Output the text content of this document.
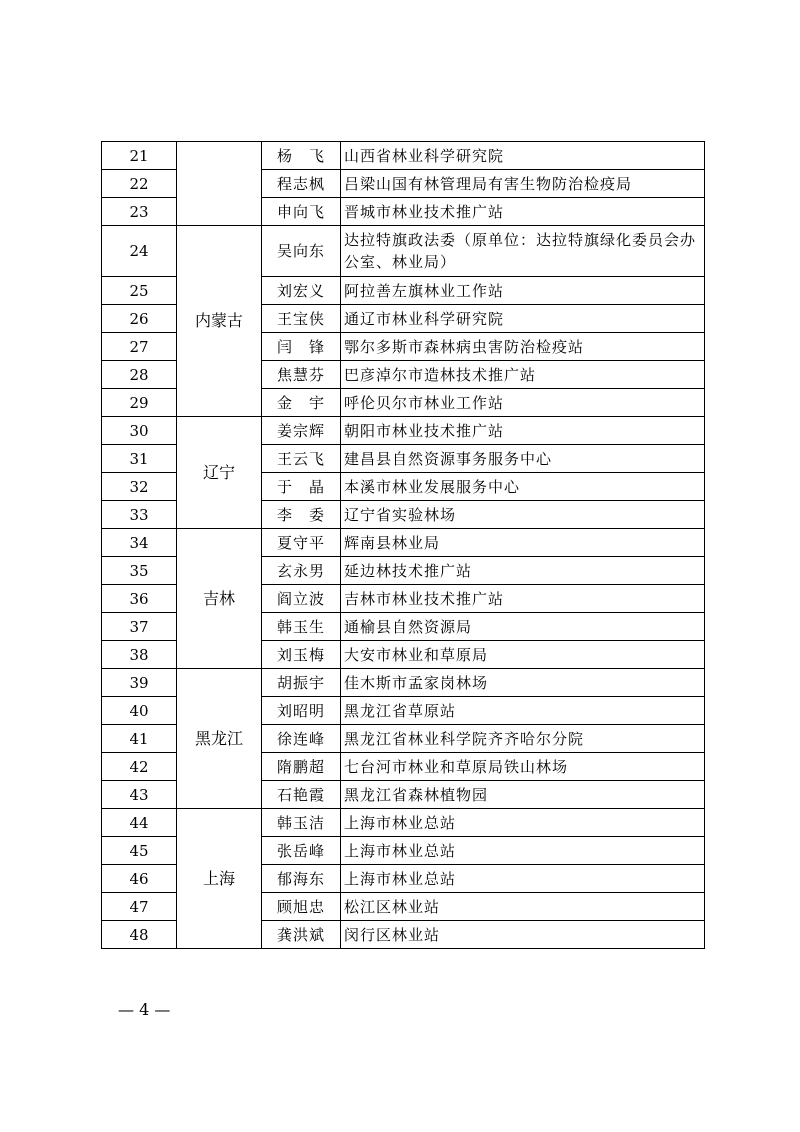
21		杨　飞	山西省林业科学研究院
22		程志枫	吕梁山国有林管理局有害生物防治检疫局
23		申向飞	晋城市林业技术推广站
24	内蒙古	吴向东	达拉特旗政法委（原单位：达拉特旗绿化委员会办公室、林业局）
25		刘宏义	阿拉善左旗林业工作站
26		王宝侠	通辽市林业科学研究院
27		闫　锋	鄂尔多斯市森林病虫害防治检疫站
28		焦慧芬	巴彦淖尔市造林技术推广站
29		金　宇	呼伦贝尔市林业工作站
30	辽宁	姜宗辉	朝阳市林业技术推广站
31		王云飞	建昌县自然资源事务服务中心
32		于　晶	本溪市林业发展服务中心
33		李　委	辽宁省实验林场
34	吉林	夏守平	辉南县林业局
35		玄永男	延边林技术推广站
36		阎立波	吉林市林业技术推广站
37		韩玉生	通榆县自然资源局
38		刘玉梅	大安市林业和草原局
39	黑龙江	胡振宇	佳木斯市孟家岗林场
40		刘昭明	黑龙江省草原站
41		徐连峰	黑龙江省林业科学院齐齐哈尔分院
42		隋鹏超	七台河市林业和草原局铁山林场
43		石艳霞	黑龙江省森林植物园
44	上海	韩玉洁	上海市林业总站
45		张岳峰	上海市林业总站
46		郁海东	上海市林业总站
47		顾旭忠	松江区林业站
48		龚洪斌	闵行区林业站
— 4 —
